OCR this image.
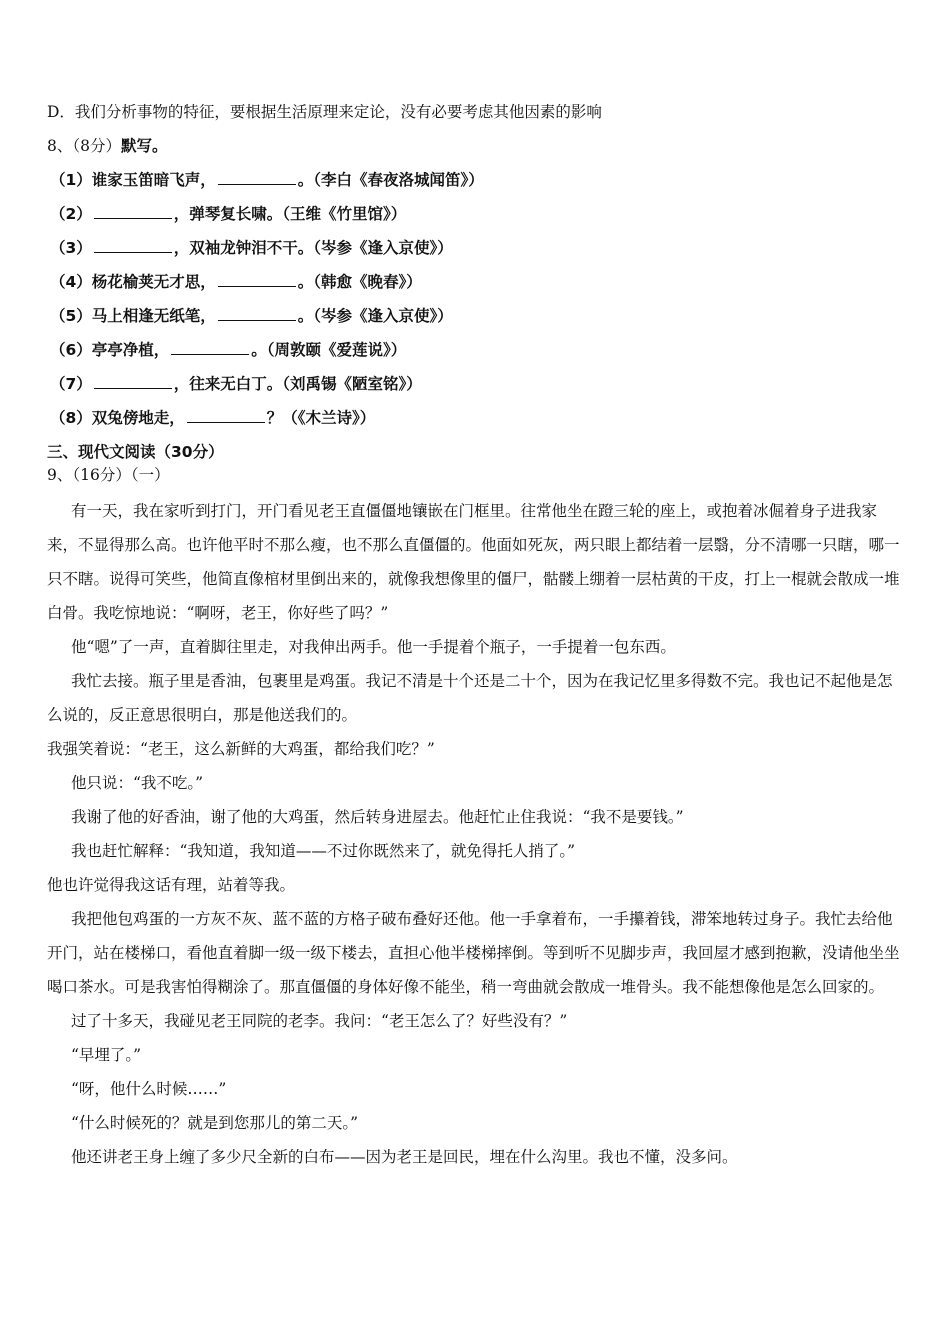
D．我们分析事物的特征，要根据生活原理来定论，没有必要考虑其他因素的影响
8、（8分）默写。
（1）谁家玉笛暗飞声，	。（李白《春夜洛城闻笛》）
（2）	，弹琴复长啸。（王维《竹里馆》）
（3）	，双袖龙钟泪不干。（岑参《逢入京使》）
（4）杨花榆荚无才思，	。（韩愈《晚春》）
（5）马上相逢无纸笔，	。（岑参《逢入京使》）
（6）亭亭净植，	。（周敦颐《爱莲说》）
（7）	，往来无白丁。（刘禹锡《陋室铭》）
（8）双兔傍地走，	？（《木兰诗》）
三、现代文阅读（30分）
9、（16分）（一）

有一天，我在家听到打门，开门看见老王直僵僵地镶嵌在门框里。往常他坐在蹬三轮的座上，或抱着冰倔着身子进我家来，不显得那么高。也许他平时不那么瘦，也不那么直僵僵的。他面如死灰，两只眼上都结着一层翳，分不清哪一只瞎，哪一只不瞎。说得可笑些，他简直像棺材里倒出来的，就像我想像里的僵尸，骷髅上绷着一层枯黄的干皮，打上一棍就会散成一堆白骨。我吃惊地说：“啊呀，老王，你好些了吗？”

他“嗯”了一声，直着脚往里走，对我伸出两手。他一手提着个瓶子，一手提着一包东西。

我忙去接。瓶子里是香油，包裹里是鸡蛋。我记不清是十个还是二十个，因为在我记忆里多得数不完。我也记不起他是怎么说的，反正意思很明白，那是他送我们的。

我强笑着说：“老王，这么新鲜的大鸡蛋，都给我们吃？”

他只说：“我不吃。”

我谢了他的好香油，谢了他的大鸡蛋，然后转身进屋去。他赶忙止住我说：“我不是要钱。”

我也赶忙解释：“我知道，我知道——不过你既然来了，就免得托人捎了。”

他也许觉得我这话有理，站着等我。

我把他包鸡蛋的一方灰不灰、蓝不蓝的方格子破布叠好还他。他一手拿着布，一手攥着钱，滞笨地转过身子。我忙去给他开门，站在楼梯口，看他直着脚一级一级下楼去，直担心他半楼梯摔倒。等到听不见脚步声，我回屋才感到抱歉，没请他坐坐喝口茶水。可是我害怕得糊涂了。那直僵僵的身体好像不能坐，稍一弯曲就会散成一堆骨头。我不能想像他是怎么回家的。

过了十多天，我碰见老王同院的老李。我问：“老王怎么了？好些没有？”

“早埋了。”

“呀，他什么时候……”

“什么时候死的？就是到您那儿的第二天。”

他还讲老王身上缠了多少尺全新的白布——因为老王是回民，埋在什么沟里。我也不懂，没多问。
